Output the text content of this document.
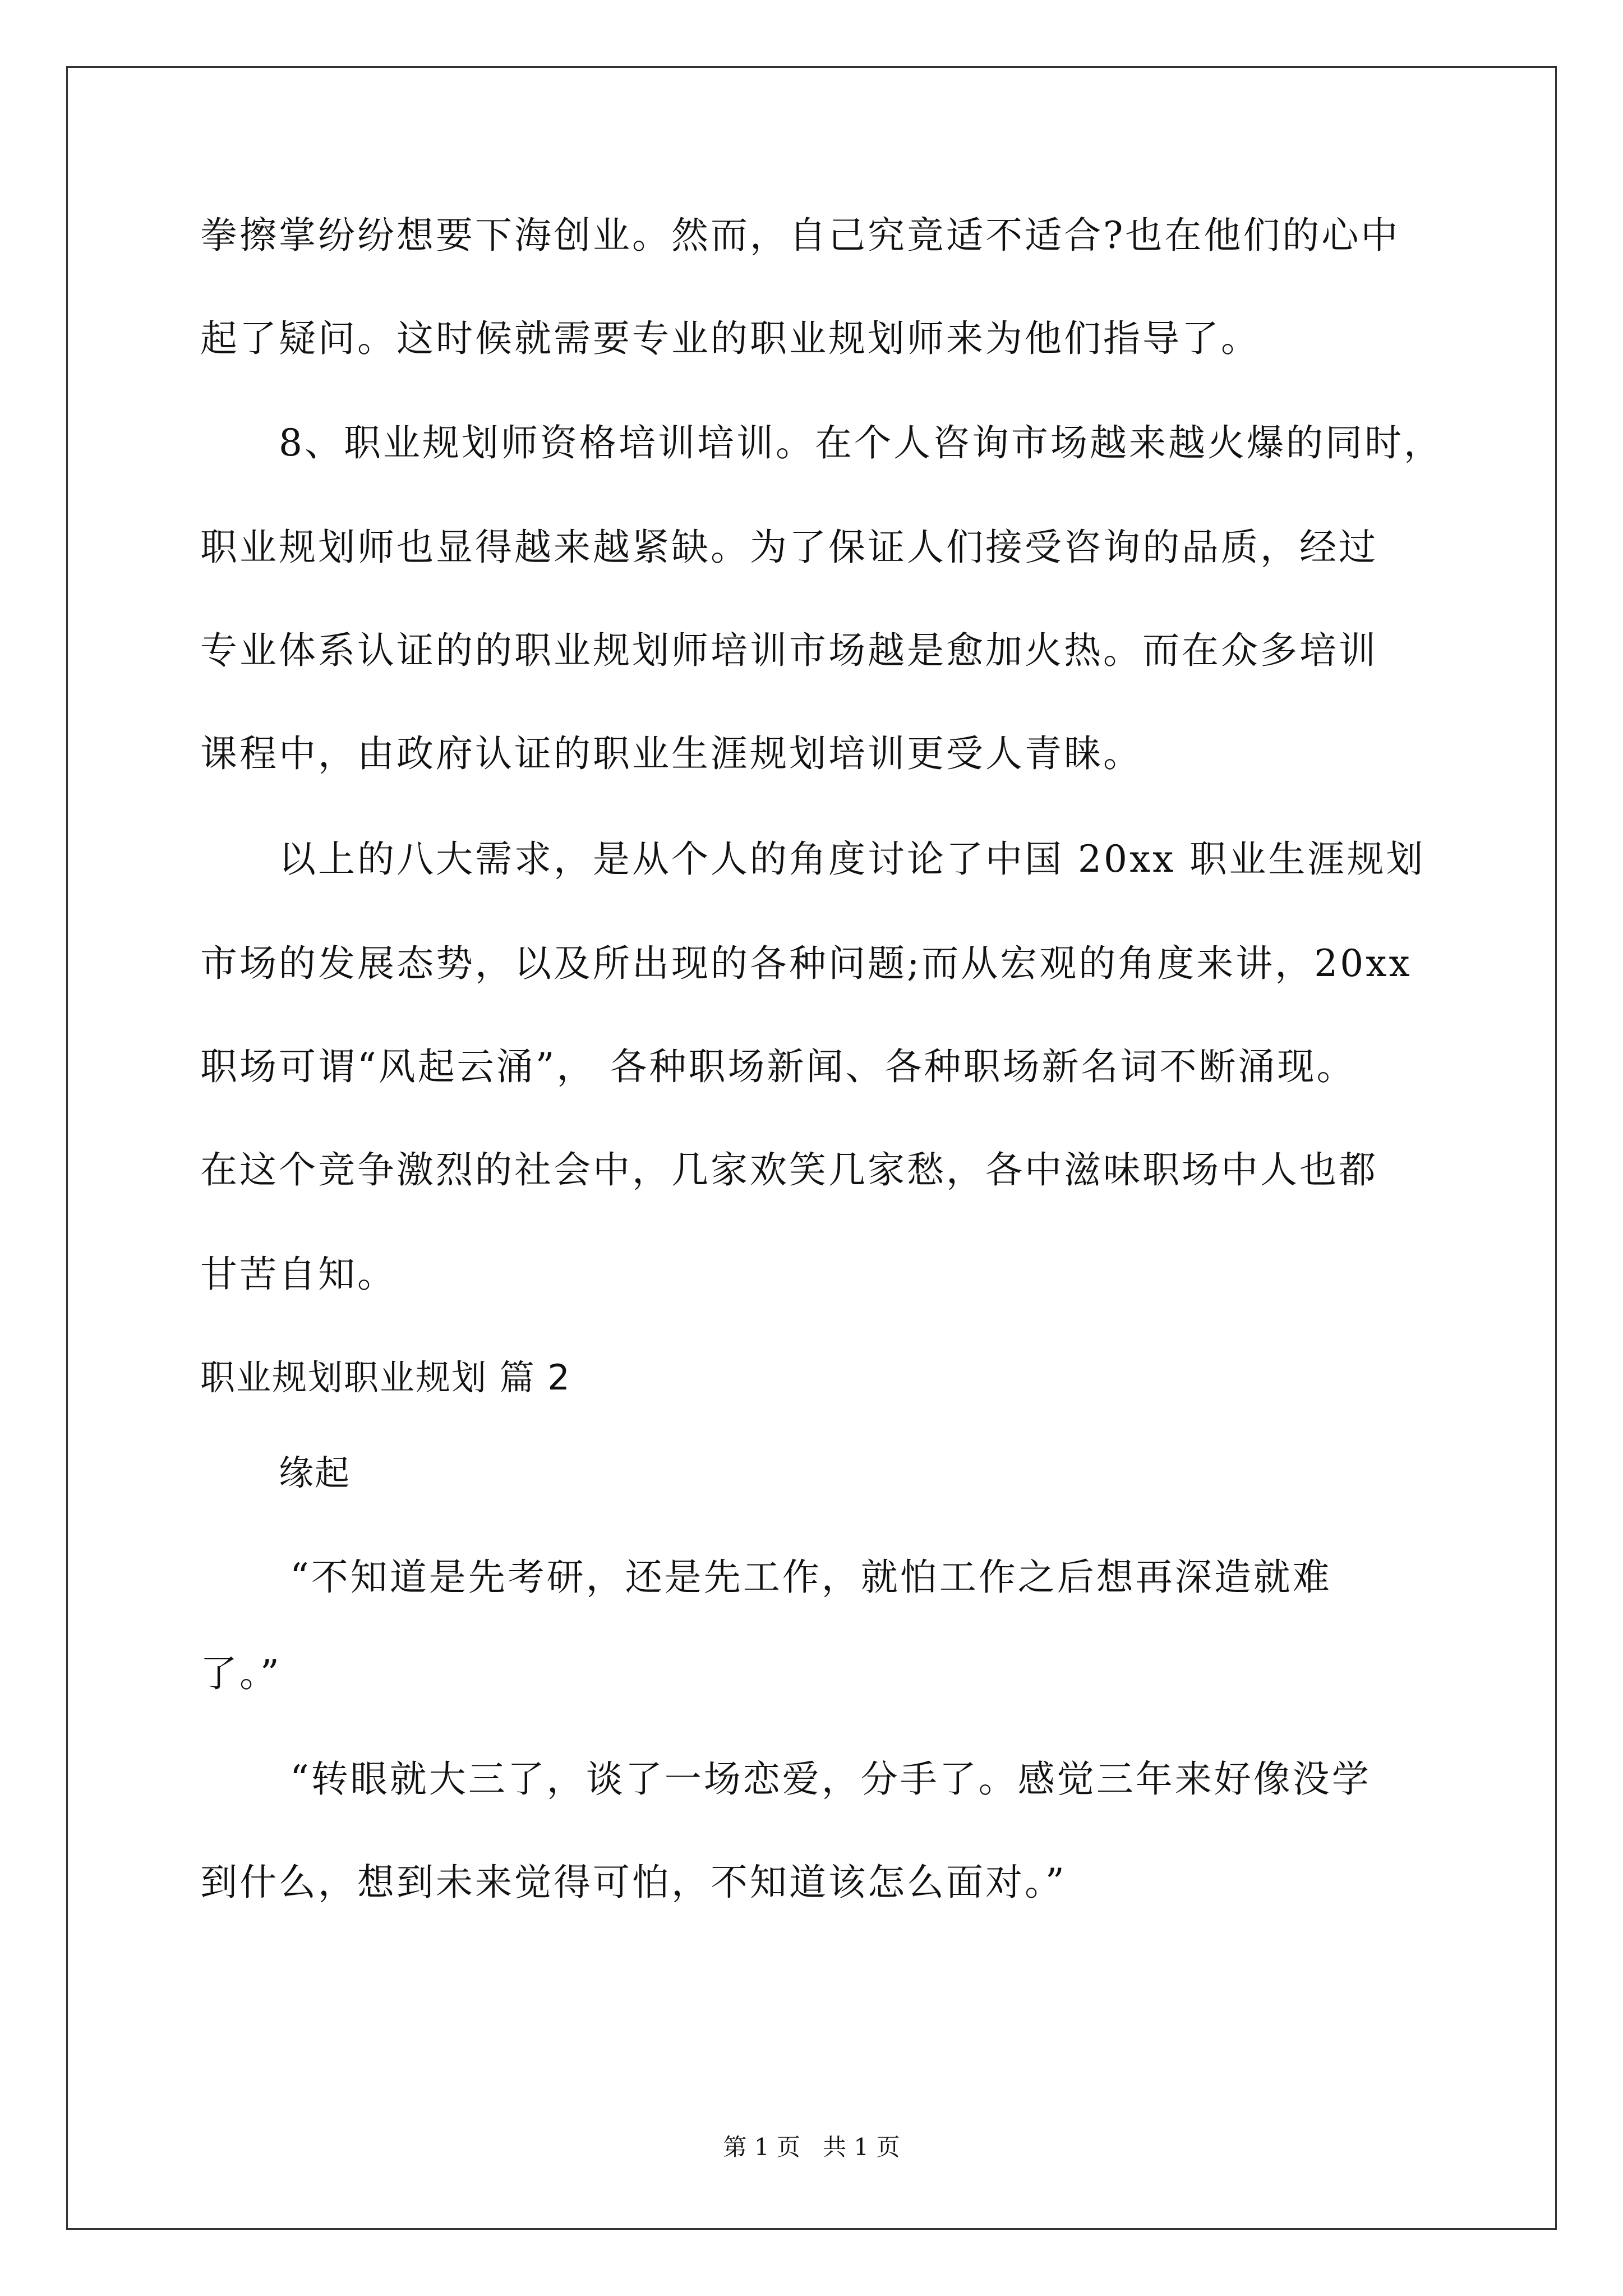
拳擦掌纷纷想要下海创业。然而，自己究竟适不适合?也在他们的心中
起了疑问。这时候就需要专业的职业规划师来为他们指导了。
8、职业规划师资格培训培训。在个人咨询市场越来越火爆的同时，
职业规划师也显得越来越紧缺。为了保证人们接受咨询的品质，经过
专业体系认证的的职业规划师培训市场越是愈加火热。而在众多培训
课程中，由政府认证的职业生涯规划培训更受人青睐。
以上的八大需求，是从个人的角度讨论了中国 20xx 职业生涯规划
市场的发展态势，以及所出现的各种问题;而从宏观的角度来讲，20xx
职场可谓“风起云涌”， 各种职场新闻、各种职场新名词不断涌现。
在这个竞争激烈的社会中，几家欢笑几家愁，各中滋味职场中人也都
甘苦自知。
职业规划职业规划 篇 2
缘起
“不知道是先考研，还是先工作，就怕工作之后想再深造就难
了。”
“转眼就大三了，谈了一场恋爱，分手了。感觉三年来好像没学
到什么，想到未来觉得可怕，不知道该怎么面对。”
第 1 页   共 1 页
